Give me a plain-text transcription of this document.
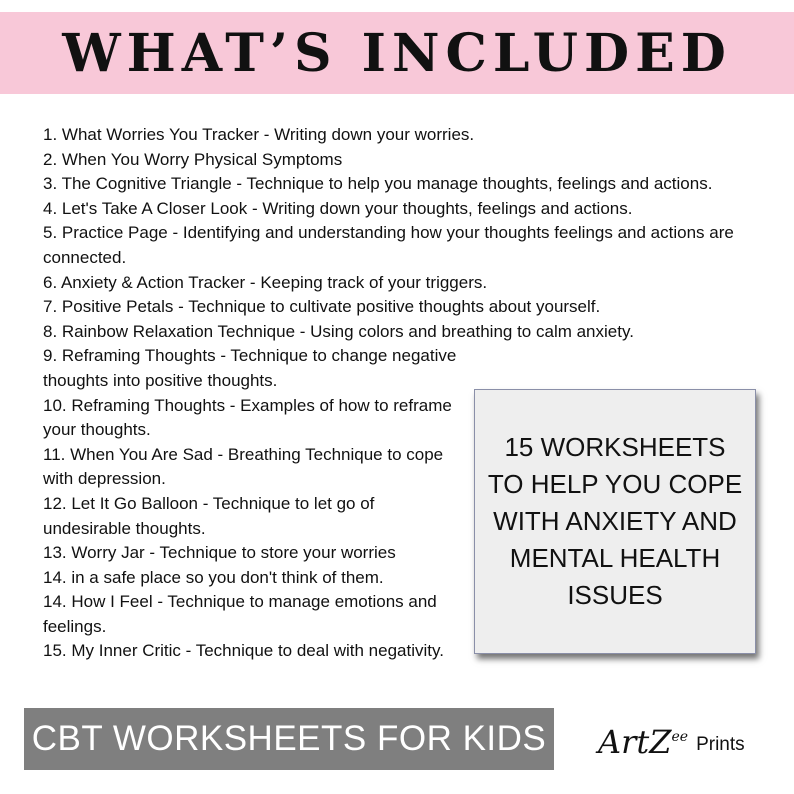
WHAT’S INCLUDED
1. What Worries You Tracker - Writing down your worries.
2. When You Worry Physical Symptoms
3. The Cognitive Triangle - Technique to help you manage thoughts, feelings and actions.
4. Let's Take A Closer Look - Writing down your thoughts, feelings and actions.
5. Practice Page - Identifying and understanding how your thoughts feelings and actions are connected.
6. Anxiety & Action Tracker - Keeping track of your triggers.
7. Positive Petals - Technique to cultivate positive thoughts about yourself.
8. Rainbow Relaxation Technique - Using colors and breathing to calm anxiety.
9. Reframing Thoughts - Technique to change negative thoughts into positive thoughts.
10. Reframing Thoughts - Examples of how to reframe your thoughts.
11. When You Are Sad - Breathing Technique to cope with depression.
12. Let It Go Balloon - Technique to let go of undesirable thoughts.
13. Worry Jar - Technique to store your worries
14. in a safe place so you don't think of them.
14. How I Feel - Technique to manage emotions and feelings.
15. My Inner Critic - Technique to deal with negativity.
15 WORKSHEETS TO HELP YOU COPE WITH ANXIETY AND MENTAL HEALTH ISSUES
CBT WORKSHEETS FOR KIDS ArtZ$^{ee}$ Prints
